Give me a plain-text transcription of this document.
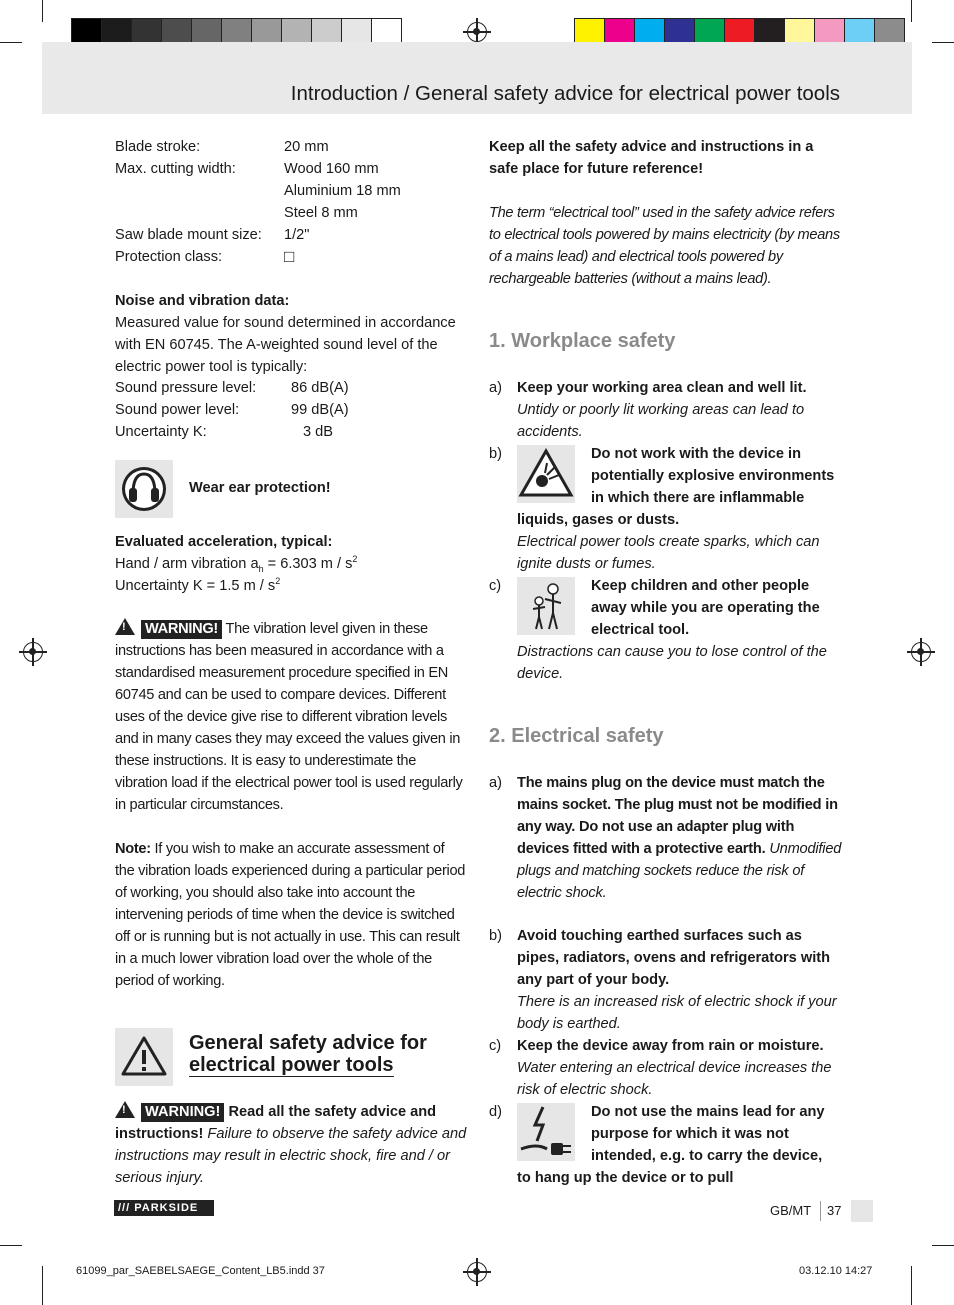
Introduction / General safety advice for electrical power tools
Blade stroke:	20 mm
Max. cutting width:	Wood 160 mm
Aluminium 18 mm
Steel 8 mm
Saw blade mount size: 1/2"
Protection class:	□
Noise and vibration data:
Measured value for sound determined in accordance with EN 60745. The A-weighted sound level of the electric power tool is typically:
Sound pressure level: 86 dB(A)
Sound power level:	99 dB(A)
Uncertainty K:	3 dB
Wear ear protection!
Evaluated acceleration, typical:
Hand / arm vibration $a_h = 6.303$ m / $s^2$
Uncertainty K = 1.5 m / $s^2$
!WARNING! The vibration level given in these instructions has been measured in accordance with a standardised measurement procedure specified in EN 60745 and can be used to compare devices. Different uses of the device give rise to different vibration levels and in many cases they may exceed the values given in these instructions. It is easy to underestimate the vibration load if the electrical power tool is used regularly in particular circumstances.
Note: If you wish to make an accurate assessment of the vibration loads experienced during a particular period of working, you should also take into account the intervening periods of time when the device is switched off or is running but is not actually in use. This can result in a much lower vibration load over the whole of the period of working.
General safety advice for
electrical power tools
!WARNING! Read all the safety advice and instructions! Failure to observe the safety advice and instructions may result in electric shock, fire and / or serious injury.
Keep all the safety advice and instructions in a safe place for future reference!
The term “electrical tool” used in the safety advice refers to electrical tools powered by mains electricity (by means of a mains lead) and electrical tools powered by rechargeable batteries (without a mains lead).
1. Workplace safety
a) Keep your working area clean and well lit. Untidy or poorly lit working areas can lead to accidents.
b)	Do not work with the device in potentially explosive environments in which there are inflammable liquids, gases or dusts.
Electrical power tools create sparks, which can ignite dusts or fumes.
c)	Keep children and other people away while you are operating the electrical tool.
Distractions can cause you to lose control of the device.
2. Electrical safety
a) The mains plug on the device must match the mains socket. The plug must not be modified in any way. Do not use an adapter plug with devices fitted with a protective earth. Unmodified plugs and matching sockets reduce the risk of electric shock.
b) Avoid touching earthed surfaces such as pipes, radiators, ovens and refrigerators with any part of your body.
There is an increased risk of electric shock if your body is earthed.
c) Keep the device away from rain or moisture. Water entering an electrical device increases the risk of electric shock.
d)	Do not use the mains lead for any purpose for which it was not intended, e.g. to carry the device, to hang up the device or to pull
/// PARKSIDE	GB/MT 37
61099_par_SAEBELSAEGE_Content_LB5.indd 37	03.12.10 14:27
